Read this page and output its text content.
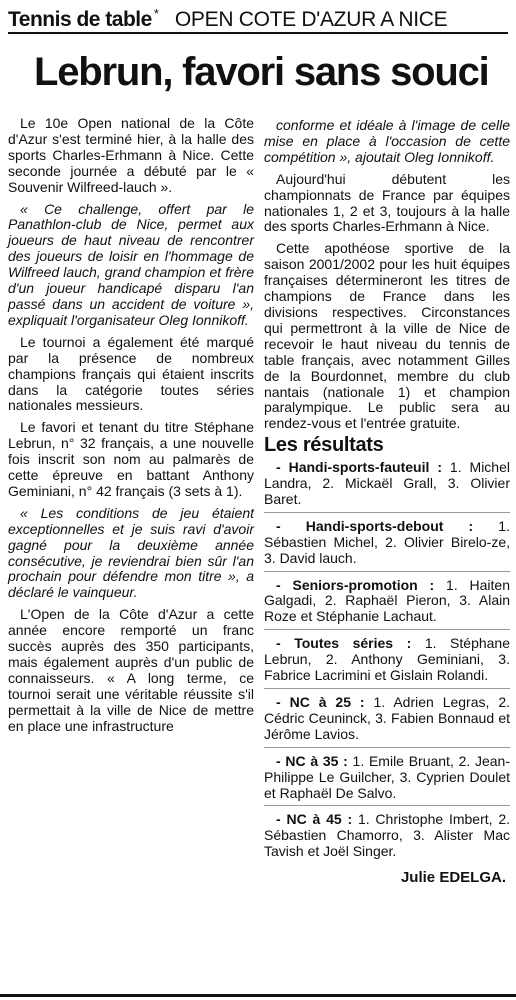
Tennis de table * OPEN COTE D'AZUR A NICE
Lebrun, favori sans souci

Le 10e Open national de la Côte d'Azur s'est terminé hier, à la halle des sports Charles-Erhmann à Nice. Cette seconde journée a débuté par le « Souvenir Wilfreed-lauch ».

« Ce challenge, offert par le Panathlon-club de Nice, permet aux joueurs de haut niveau de rencontrer des joueurs de loisir en l'hommage de Wilfreed lauch, grand champion et frère d'un joueur handicapé disparu l'an passé dans un accident de voiture », expliquait l'organisateur Oleg Ionnikoff.

Le tournoi a également été marqué par la présence de nombreux champions français qui étaient inscrits dans la catégorie toutes séries nationales messieurs.

Le favori et tenant du titre Stéphane Lebrun, n° 32 français, a une nouvelle fois inscrit son nom au palmarès de cette épreuve en battant Anthony Geminiani, n° 42 français (3 sets à 1).

« Les conditions de jeu étaient exceptionnelles et je suis ravi d'avoir gagné pour la deuxième année consécutive, je reviendrai bien sûr l'an prochain pour défendre mon titre », a déclaré le vainqueur.

L'Open de la Côte d'Azur a cette année encore remporté un franc succès auprès des 350 participants, mais également auprès d'un public de connaisseurs. « A long terme, ce tournoi serait une véritable réussite s'il permettait à la ville de Nice de mettre en place une infrastructure

conforme et idéale à l'image de celle mise en place à l'occasion de cette compétition », ajoutait Oleg Ionnikoff.

Aujourd'hui débutent les championnats de France par équipes nationales 1, 2 et 3, toujours à la halle des sports Charles-Erhmann à Nice.

Cette apothéose sportive de la saison 2001/2002 pour les huit équipes françaises détermineront les titres de champions de France dans les divisions respectives. Circonstances qui permettront à la ville de Nice de recevoir le haut niveau du tennis de table français, avec notamment Gilles de la Bourdonnet, membre du club nantais (nationale 1) et champion paralympique. Le public sera au rendez-vous et l'entrée gratuite.

Les résultats

- Handi-sports-fauteuil : 1. Michel Landra, 2. Mickaël Grall, 3. Olivier Baret.

- Handi-sports-debout : 1. Sébastien Michel, 2. Olivier Birelo-ze, 3. David lauch.

- Seniors-promotion : 1. Haiten Galgadi, 2. Raphaël Pieron, 3. Alain Roze et Stéphanie Lachaut.

- Toutes séries : 1. Stéphane Lebrun, 2. Anthony Geminiani, 3. Fabrice Lacrimini et Gislain Rolandi.

- NC à 25 : 1. Adrien Legras, 2. Cédric Ceuninck, 3. Fabien Bonnaud et Jérôme Lavios.

- NC à 35 : 1. Emile Bruant, 2. Jean-Philippe Le Guilcher, 3. Cyprien Doulet et Raphaël De Salvo.

- NC à 45 : 1. Christophe Imbert, 2. Sébastien Chamorro, 3. Alister Mac Tavish et Joël Singer.

Julie EDELGA.
